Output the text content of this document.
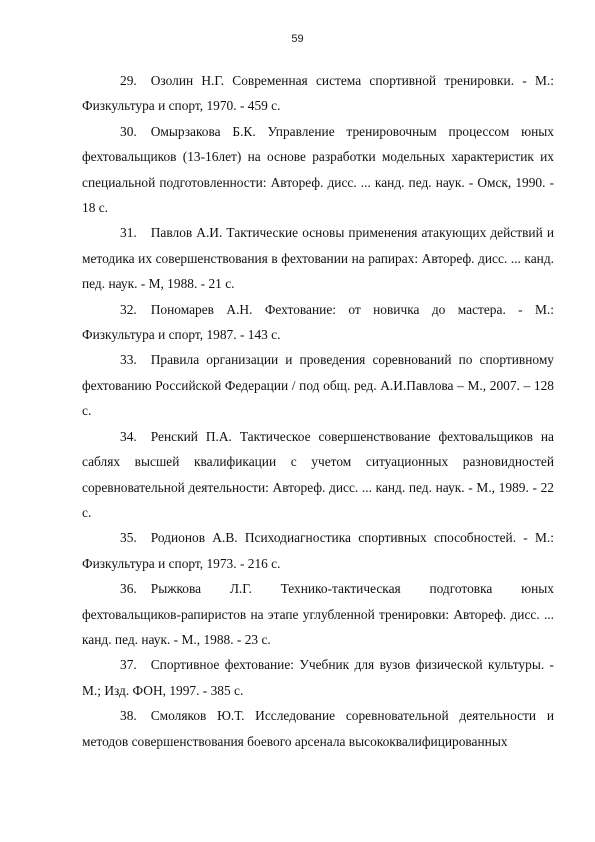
59

29. Озолин Н.Г. Современная система спортивной тренировки. - М.: Физкультура и спорт, 1970. - 459 с.

30. Омырзакова Б.К. Управление тренировочным процессом юных фехтовальщиков (13-16лет) на основе разработки модельных характеристик их специальной подготовленности: Автореф. дисс. ... канд. пед. наук. - Омск, 1990. - 18 с.

31. Павлов А.И. Тактические основы применения атакующих действий и методика их совершенствования в фехтовании на рапирах: Автореф. дисс. ... канд. пед. наук. - М, 1988. - 21 с.

32. Пономарев А.Н. Фехтование: от новичка до мастера. - М.: Физкультура и спорт, 1987. - 143 с.

33. Правила организации и проведения соревнований по спортивному фехтованию Российской Федерации / под общ. ред. А.И.Павлова – М., 2007. – 128 с.

34. Ренский П.А. Тактическое совершенствование фехтовальщиков на саблях высшей квалификации с учетом ситуационных разновидностей соревновательной деятельности: Автореф. дисс. ... канд. пед. наук. - М., 1989. - 22 с.

35. Родионов А.В. Психодиагностика спортивных способностей. - М.: Физкультура и спорт, 1973. - 216 с.

36. Рыжкова Л.Г. Технико-тактическая подготовка юных фехтовальщиков-рапиристов на этапе углубленной тренировки: Автореф. дисс. ... канд. пед. наук. - М., 1988. - 23 с.

37. Спортивное фехтование: Учебник для вузов физической культуры. - М.; Изд. ФОН, 1997. - 385 с.

38. Смоляков Ю.Т. Исследование соревновательной деятельности и методов совершенствования боевого арсенала высококвалифицированных
